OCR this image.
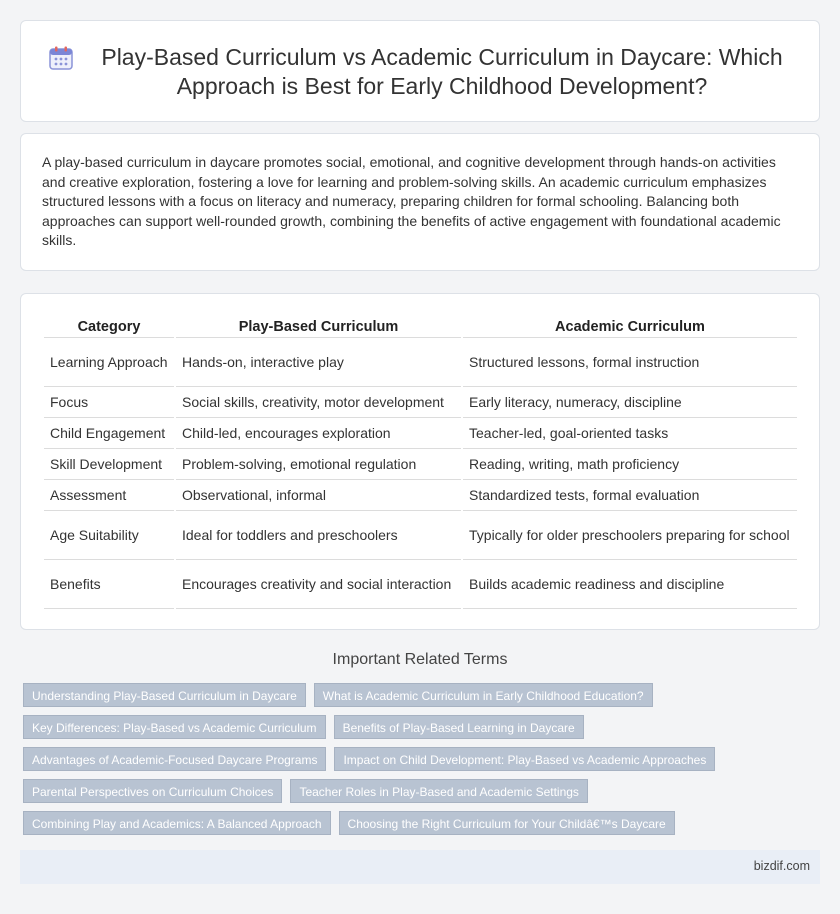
Play-Based Curriculum vs Academic Curriculum in Daycare: Which Approach is Best for Early Childhood Development?

A play-based curriculum in daycare promotes social, emotional, and cognitive development through hands-on activities and creative exploration, fostering a love for learning and problem-solving skills. An academic curriculum emphasizes structured lessons with a focus on literacy and numeracy, preparing children for formal schooling. Balancing both approaches can support well-rounded growth, combining the benefits of active engagement with foundational academic skills.

Category	Play-Based Curriculum	Academic Curriculum
Learning Approach	Hands-on, interactive play	Structured lessons, formal instruction
Focus	Social skills, creativity, motor development	Early literacy, numeracy, discipline
Child Engagement	Child-led, encourages exploration	Teacher-led, goal-oriented tasks
Skill Development	Problem-solving, emotional regulation	Reading, writing, math proficiency
Assessment	Observational, informal	Standardized tests, formal evaluation
Age Suitability	Ideal for toddlers and preschoolers	Typically for older preschoolers preparing for school
Benefits	Encourages creativity and social interaction	Builds academic readiness and discipline
Important Related Terms
Understanding Play-Based Curriculum in Daycare	What is Academic Curriculum in Early Childhood Education?
Key Differences: Play-Based vs Academic Curriculum	Benefits of Play-Based Learning in Daycare
Advantages of Academic-Focused Daycare Programs	Impact on Child Development: Play-Based vs Academic Approaches
Parental Perspectives on Curriculum Choices	Teacher Roles in Play-Based and Academic Settings
Combining Play and Academics: A Balanced Approach	Choosing the Right Curriculum for Your Childâ€™s Daycare
bizdif.com
